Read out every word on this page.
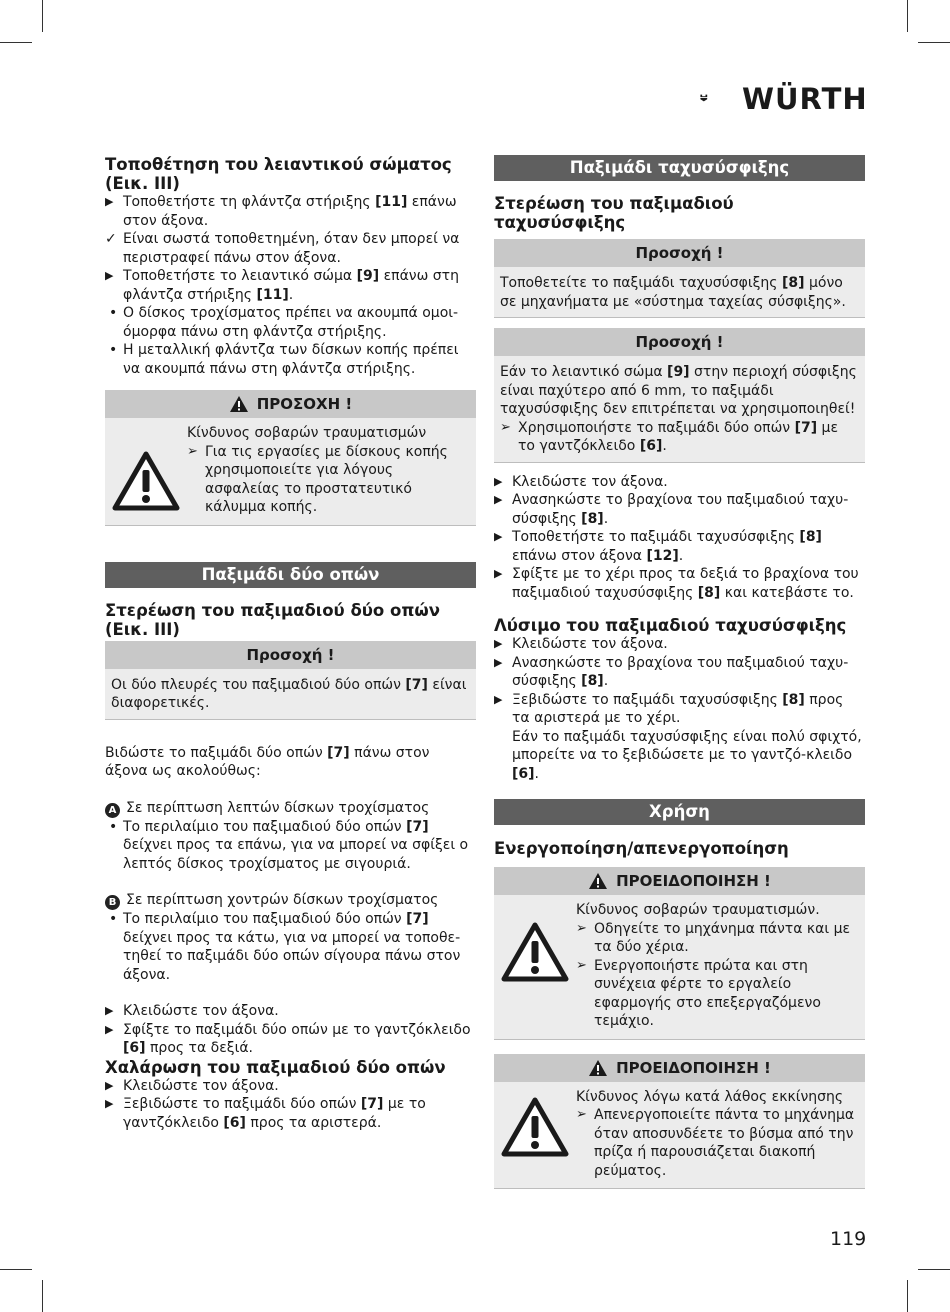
WÜRTH
Τοποθέτηση του λειαντικού σώματος (Εικ. III)
▶ Τοποθετήστε τη φλάντζα στήριξης [11] επάνω στον άξονα.
✓ Είναι σωστά τοποθετημένη, όταν δεν μπορεί να περιστραφεί πάνω στον άξονα.
▶ Τοποθετήστε το λειαντικό σώμα [9] επάνω στη φλάντζα στήριξης [11].
• Ο δίσκος τροχίσματος πρέπει να ακουμπά ομοι-όμορφα πάνω στη φλάντζα στήριξης.
• Η μεταλλική φλάντζα των δίσκων κοπής πρέπει να ακουμπά πάνω στη φλάντζα στήριξης.
ΠΡΟΣΟΧΗ !

Κίνδυνος σοβαρών τραυματισμών

➢ Για τις εργασίες με δίσκους κοπής χρησιμοποιείτε για λόγους ασφαλείας το προστατευτικό κάλυμμα κοπής.
Παξιμάδι δύο οπών
Στερέωση του παξιμαδιού δύο οπών (Εικ. III)
Προσοχή !

Οι δύο πλευρές του παξιμαδιού δύο οπών [7] είναι διαφορετικές.

Βιδώστε το παξιμάδι δύο οπών [7] πάνω στον άξονα ως ακολούθως:

A Σε περίπτωση λεπτών δίσκων τροχίσματος

• Το περιλαίμιο του παξιμαδιού δύο οπών [7] δείχνει προς τα επάνω, για να μπορεί να σφίξει ο λεπτός δίσκος τροχίσματος με σιγουριά.

B Σε περίπτωση χοντρών δίσκων τροχίσματος

• Το περιλαίμιο του παξιμαδιού δύο οπών [7] δείχνει προς τα κάτω, για να μπορεί να τοποθε-τηθεί το παξιμάδι δύο οπών σίγουρα πάνω στον άξονα.
▶ Κλειδώστε τον άξονα.
▶ Σφίξτε το παξιμάδι δύο οπών με το γαντζόκλειδο [6] προς τα δεξιά.
Χαλάρωση του παξιμαδιού δύο οπών
▶ Κλειδώστε τον άξονα.
▶ Ξεβιδώστε το παξιμάδι δύο οπών [7] με το γαντζόκλειδο [6] προς τα αριστερά.
Παξιμάδι ταχυσύσφιξης
Στερέωση του παξιμαδιού ταχυσύσφιξης
Προσοχή !

Τοποθετείτε το παξιμάδι ταχυσύσφιξης [8] μόνο σε μηχανήματα με «σύστημα ταχείας σύσφιξης».

Προσοχή !

Εάν το λειαντικό σώμα [9] στην περιοχή σύσφιξης είναι παχύτερο από 6 mm, το παξιμάδι ταχυσύσφιξης δεν επιτρέπεται να χρησιμοποιηθεί!

➢ Χρησιμοποιήστε το παξιμάδι δύο οπών [7] με το γαντζόκλειδο [6].
▶ Κλειδώστε τον άξονα.
▶ Ανασηκώστε το βραχίονα του παξιμαδιού ταχυ-σύσφιξης [8].
▶ Τοποθετήστε το παξιμάδι ταχυσύσφιξης [8] επάνω στον άξονα [12].
▶ Σφίξτε με το χέρι προς τα δεξιά το βραχίονα του παξιμαδιού ταχυσύσφιξης [8] και κατεβάστε το.
Λύσιμο του παξιμαδιού ταχυσύσφιξης
▶ Κλειδώστε τον άξονα.
▶ Ανασηκώστε το βραχίονα του παξιμαδιού ταχυ-σύσφιξης [8].
▶ Ξεβιδώστε το παξιμάδι ταχυσύσφιξης [8] προς τα αριστερά με το χέρι.
Εάν το παξιμάδι ταχυσύσφιξης είναι πολύ σφιχτό, μπορείτε να το ξεβιδώσετε με το γαντζό-κλειδο [6].
Χρήση
Ενεργοποίηση/απενεργοποίηση
ΠΡΟΕΙΔΟΠΟΙΗΣΗ !

Κίνδυνος σοβαρών τραυματισμών.

➢ Οδηγείτε το μηχάνημα πάντα και με τα δύο χέρια.
➢ Ενεργοποιήστε πρώτα και στη συνέχεια φέρτε το εργαλείο εφαρμογής στο επεξεργαζόμενο τεμάχιο.
ΠΡΟΕΙΔΟΠΟΙΗΣΗ !

Κίνδυνος λόγω κατά λάθος εκκίνησης

➢ Απενεργοποιείτε πάντα το μηχάνημα όταν αποσυνδέετε το βύσμα από την πρίζα ή παρουσιάζεται διακοπή ρεύματος.
119
